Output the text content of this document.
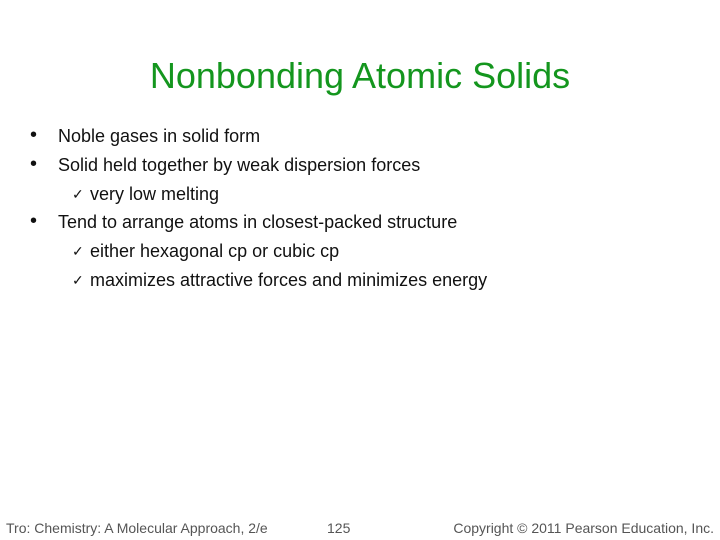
Nonbonding Atomic Solids
• Noble gases in solid form
• Solid held together by weak dispersion forces
✓ very low melting
• Tend to arrange atoms in closest-packed structure
✓ either hexagonal cp or cubic cp
✓ maximizes attractive forces and minimizes energy
Tro: Chemistry: A Molecular Approach, 2/e	125	Copyright © 2011 Pearson Education, Inc.
